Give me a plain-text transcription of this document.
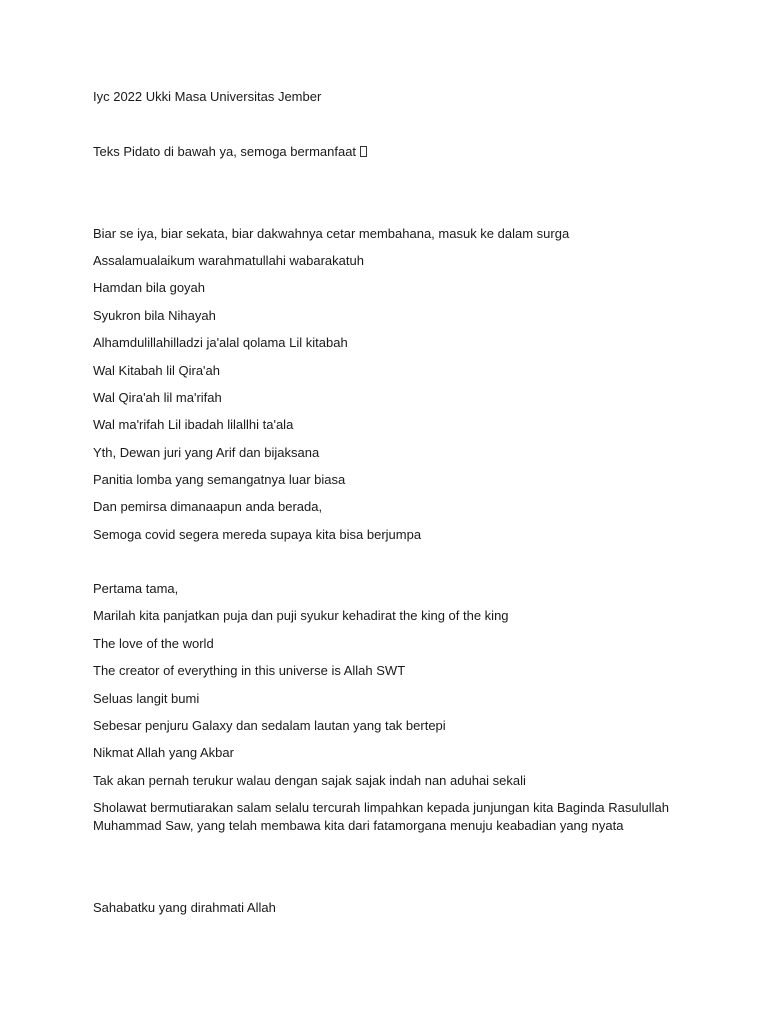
Iyc 2022 Ukki Masa Universitas Jember
Teks Pidato di bawah ya, semoga bermanfaat
Biar se iya, biar sekata, biar dakwahnya cetar membahana, masuk ke dalam surga
Assalamualaikum warahmatullahi wabarakatuh
Hamdan bila goyah
Syukron bila Nihayah
Alhamdulillahilladzi ja'alal qolama Lil kitabah
Wal Kitabah lil Qira'ah
Wal Qira'ah lil ma'rifah
Wal ma'rifah Lil ibadah lilallhi ta'ala
Yth, Dewan juri yang Arif dan bijaksana
Panitia lomba yang semangatnya luar biasa
Dan pemirsa dimanaapun anda berada,
Semoga covid segera mereda supaya kita bisa berjumpa
Pertama tama,
Marilah kita panjatkan puja dan puji syukur kehadirat the king of the king
The love of the world
The creator of everything in this universe is Allah SWT
Seluas langit bumi
Sebesar penjuru Galaxy dan sedalam lautan yang tak bertepi
Nikmat Allah yang Akbar
Tak akan pernah terukur walau dengan sajak sajak indah nan aduhai sekali
Sholawat bermutiarakan salam selalu tercurah limpahkan kepada junjungan kita Baginda Rasulullah
Muhammad Saw, yang telah membawa kita dari fatamorgana menuju keabadian yang nyata
Sahabatku yang dirahmati Allah
